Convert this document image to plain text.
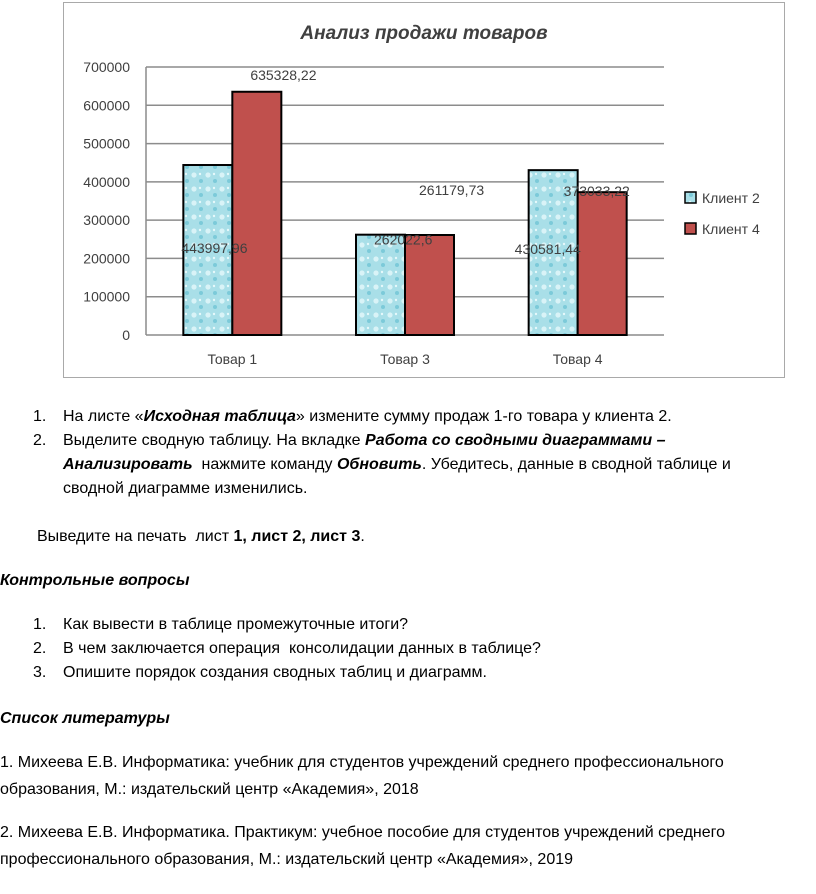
Анализ продажи товаров
0
100000
200000
300000
400000
500000
600000
700000
443997,96
635328,22
262022,6
261179,73
430581,44
373033,22
Товар 1	Товар 3	Товар 4
Клиент 2
Клиент 4
1. На листе «Исходная таблица» измените сумму продаж 1-го товара у клиента 2.
2. Выделите сводную таблицу. На вкладке Работа со сводными диаграммами –
Анализировать  нажмите команду Обновить. Убедитесь, данные в сводной таблице и
сводной диаграмме изменились.
Выведите на печать  лист 1, лист 2, лист 3.
Контрольные вопросы
1. Как вывести в таблице промежуточные итоги?
2. В чем заключается операция  консолидации данных в таблице?
3. Опишите порядок создания сводных таблиц и диаграмм.
Список литературы
1. Михеева Е.В. Информатика: учебник для студентов учреждений среднего профессионального
образования, М.: издательский центр «Академия», 2018
2. Михеева Е.В. Информатика. Практикум: учебное пособие для студентов учреждений среднего
профессионального образования, М.: издательский центр «Академия», 2019
